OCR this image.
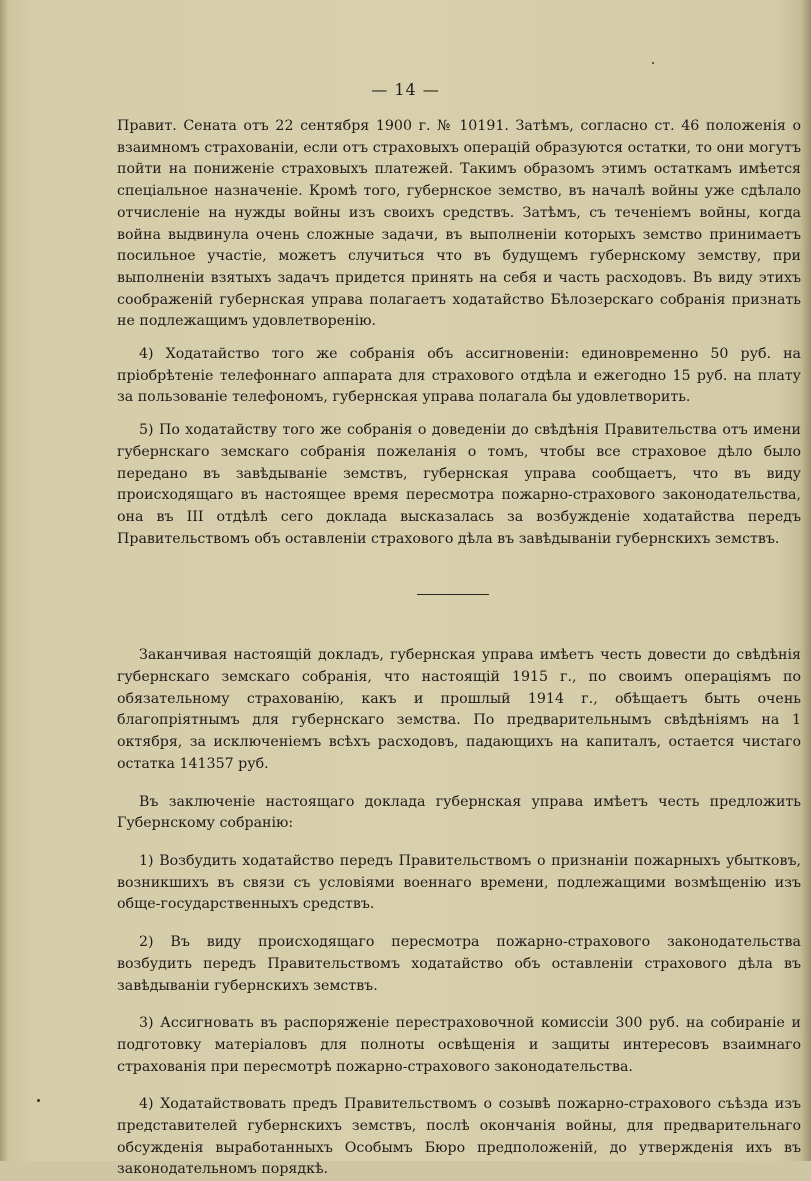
— 14 —

Правит. Сената отъ 22 сентября 1900 г. № 10191. Затѣмъ, согласно ст. 46 положенія о взаимномъ страхованіи, если отъ страховыхъ операцій образуются остатки, то они могутъ пойти на пониженіе страховыхъ платежей. Такимъ образомъ этимъ остаткамъ имѣется спеціальное назначеніе. Кромѣ того, губернское земство, въ началѣ войны уже сдѣлало отчисленіе на нужды войны изъ своихъ средствъ. Затѣмъ, съ теченіемъ войны, когда война выдвинула очень сложные задачи, въ выполненіи которыхъ земство принимаетъ посильное участіе, можетъ случиться что въ будущемъ губернскому земству, при выполненіи взятыхъ задачъ придется принять на себя и часть расходовъ. Въ виду этихъ соображеній губернская управа полагаетъ ходатайство Бѣлозерскаго собранія признать не подлежащимъ удовлетворенію.

4) Ходатайство того же собранія объ ассигновеніи: единовременно 50 руб. на пріобрѣтеніе телефоннаго аппарата для страхового отдѣла и ежегодно 15 руб. на плату за пользованіе телефономъ, губернская управа полагала бы удовлетворить.

5) По ходатайству того же собранія о доведеніи до свѣдѣнія Правительства отъ имени губернскаго земскаго собранія пожеланія о томъ, чтобы все страховое дѣло было передано въ завѣдываніе земствъ, губернская управа сообщаетъ, что въ виду происходящаго въ настоящее время пересмотра пожарно-страхового законодательства, она въ III отдѣлѣ сего доклада высказалась за возбужденіе ходатайства передъ Правительствомъ объ оставленіи страхового дѣла въ завѣдываніи губернскихъ земствъ.

Заканчивая настоящій докладъ, губернская управа имѣетъ честь довести до свѣдѣнія губернскаго земскаго собранія, что настоящій 1915 г., по своимъ операціямъ по обязательному страхованію, какъ и прошлый 1914 г., обѣщаетъ быть очень благопріятнымъ для губернскаго земства. По предварительнымъ свѣдѣніямъ на 1 октября, за исключеніемъ всѣхъ расходовъ, падающихъ на капиталъ, остается чистаго остатка 141357 руб.

Въ заключеніе настоящаго доклада губернская управа имѣетъ честь предложить Губернскому собранію:

1) Возбудить ходатайство передъ Правительствомъ о признаніи пожарныхъ убытковъ, возникшихъ въ связи съ условіями военнаго времени, подлежащими возмѣщенію изъ обще-государственныхъ средствъ.

2) Въ виду происходящаго пересмотра пожарно-страхового законодательства возбудить передъ Правительствомъ ходатайство объ оставленіи страхового дѣла въ завѣдываніи губернскихъ земствъ.

3) Ассигновать въ распоряженіе перестраховочной комиссіи 300 руб. на собираніе и подготовку матеріаловъ для полноты освѣщенія и защиты интересовъ взаимнаго страхованія при пересмотрѣ пожарно-страхового законодательства.

4) Ходатайствовать предъ Правительствомъ о созывѣ пожарно-страхового съѣзда изъ представителей губернскихъ земствъ, послѣ окончанія войны, для предварительнаго обсужденія выработанныхъ Особымъ Бюро предположеній, до утвержденія ихъ въ законодательномъ порядкѣ.
